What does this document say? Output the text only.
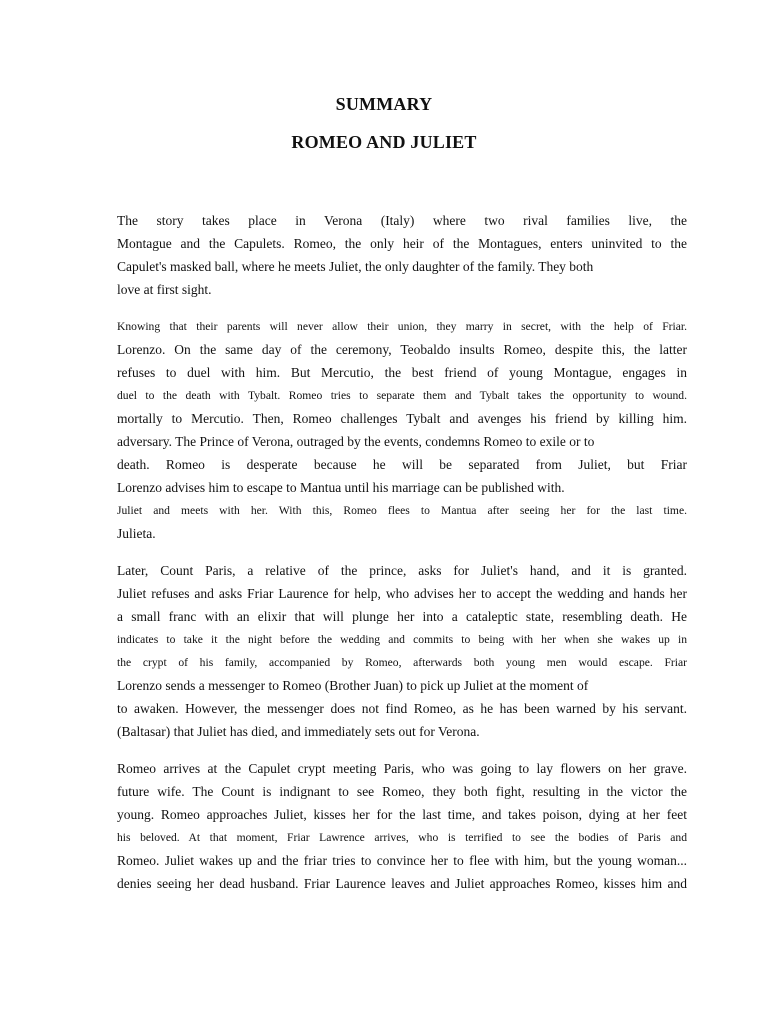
SUMMARY
ROMEO AND JULIET
The story takes place in Verona (Italy) where two rival families live, the
Montague and the Capulets. Romeo, the only heir of the Montagues, enters uninvited to the
Capulet's masked ball, where he meets Juliet, the only daughter of the family. They both
love at first sight.
Knowing that their parents will never allow their union, they marry in secret, with the help of Friar.
Lorenzo. On the same day of the ceremony, Teobaldo insults Romeo, despite this, the latter
refuses to duel with him. But Mercutio, the best friend of young Montague, engages in
duel to the death with Tybalt. Romeo tries to separate them and Tybalt takes the opportunity to wound.
mortally to Mercutio. Then, Romeo challenges Tybalt and avenges his friend by killing him.
adversary. The Prince of Verona, outraged by the events, condemns Romeo to exile or to
death. Romeo is desperate because he will be separated from Juliet, but Friar
Lorenzo advises him to escape to Mantua until his marriage can be published with.
Juliet and meets with her. With this, Romeo flees to Mantua after seeing her for the last time.
Julieta.
Later, Count Paris, a relative of the prince, asks for Juliet's hand, and it is granted.
Juliet refuses and asks Friar Laurence for help, who advises her to accept the wedding and hands her
a small franc with an elixir that will plunge her into a cataleptic state, resembling death. He
indicates to take it the night before the wedding and commits to being with her when she wakes up in
the crypt of his family, accompanied by Romeo, afterwards both young men would escape. Friar
Lorenzo sends a messenger to Romeo (Brother Juan) to pick up Juliet at the moment of
to awaken. However, the messenger does not find Romeo, as he has been warned by his servant.
(Baltasar) that Juliet has died, and immediately sets out for Verona.
Romeo arrives at the Capulet crypt meeting Paris, who was going to lay flowers on her grave.
future wife. The Count is indignant to see Romeo, they both fight, resulting in the victor the
young. Romeo approaches Juliet, kisses her for the last time, and takes poison, dying at her feet
his beloved. At that moment, Friar Lawrence arrives, who is terrified to see the bodies of Paris and
Romeo. Juliet wakes up and the friar tries to convince her to flee with him, but the young woman...
denies seeing her dead husband. Friar Laurence leaves and Juliet approaches Romeo, kisses him and
